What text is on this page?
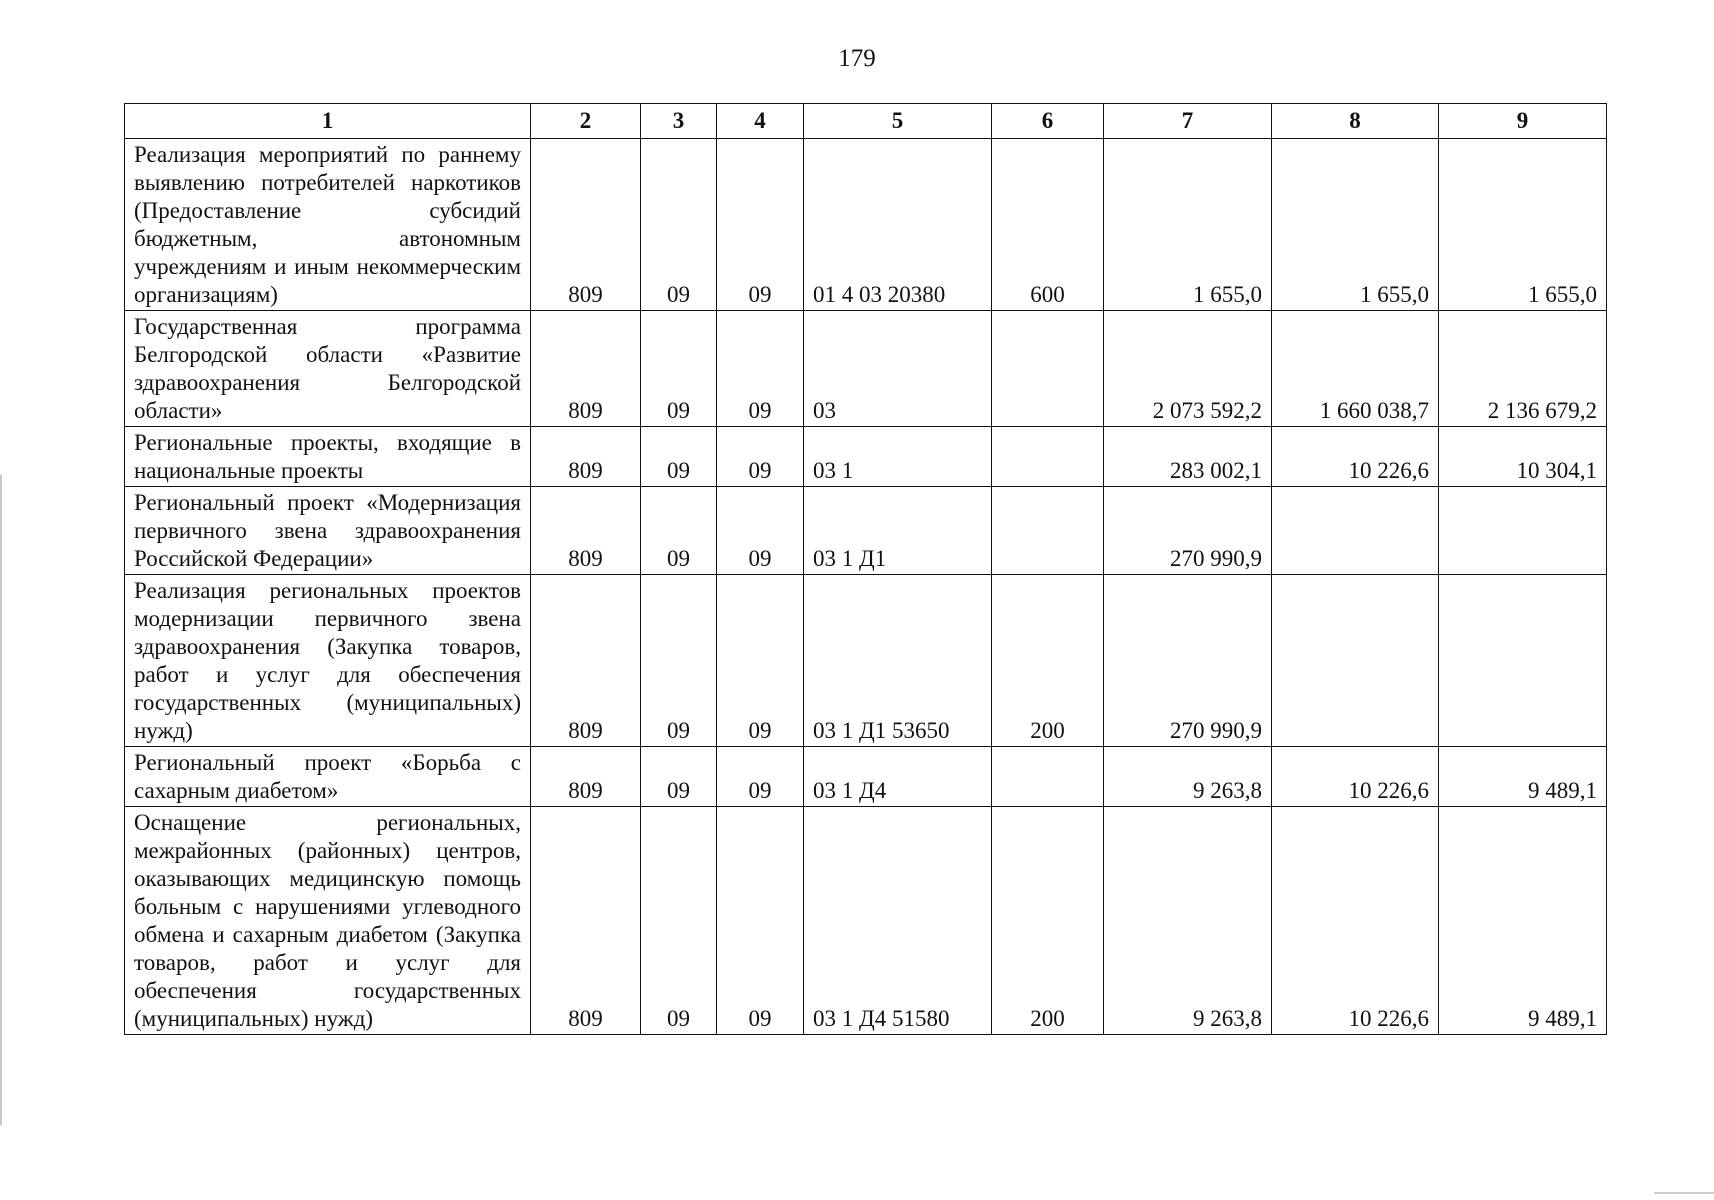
179
1	2	3	4	5	6	7	8	9
Реализация мероприятий по раннему выявлению потребителей наркотиков (Предоставление субсидий бюджетным, автономным учреждениям и иным некоммерческим организациям)	809	09	09	01 4 03 20380	600	1 655,0	1 655,0	1 655,0
Государственная программа Белгородской области «Развитие здравоохранения Белгородской области»	809	09	09	03		2 073 592,2	1 660 038,7	2 136 679,2
Региональные проекты, входящие в национальные проекты	809	09	09	03 1		283 002,1	10 226,6	10 304,1
Региональный проект «Модернизация первичного звена здравоохранения Российской Федерации»	809	09	09	03 1 Д1		270 990,9		
Реализация региональных проектов модернизации первичного звена здравоохранения (Закупка товаров, работ и услуг для обеспечения государственных (муниципальных) нужд)	809	09	09	03 1 Д1 53650	200	270 990,9		
Региональный проект «Борьба с сахарным диабетом»	809	09	09	03 1 Д4		9 263,8	10 226,6	9 489,1
Оснащение региональных, межрайонных (районных) центров, оказывающих медицинскую помощь больным с нарушениями углеводного обмена и сахарным диабетом (Закупка товаров, работ и услуг для обеспечения государственных (муниципальных) нужд)	809	09	09	03 1 Д4 51580	200	9 263,8	10 226,6	9 489,1
